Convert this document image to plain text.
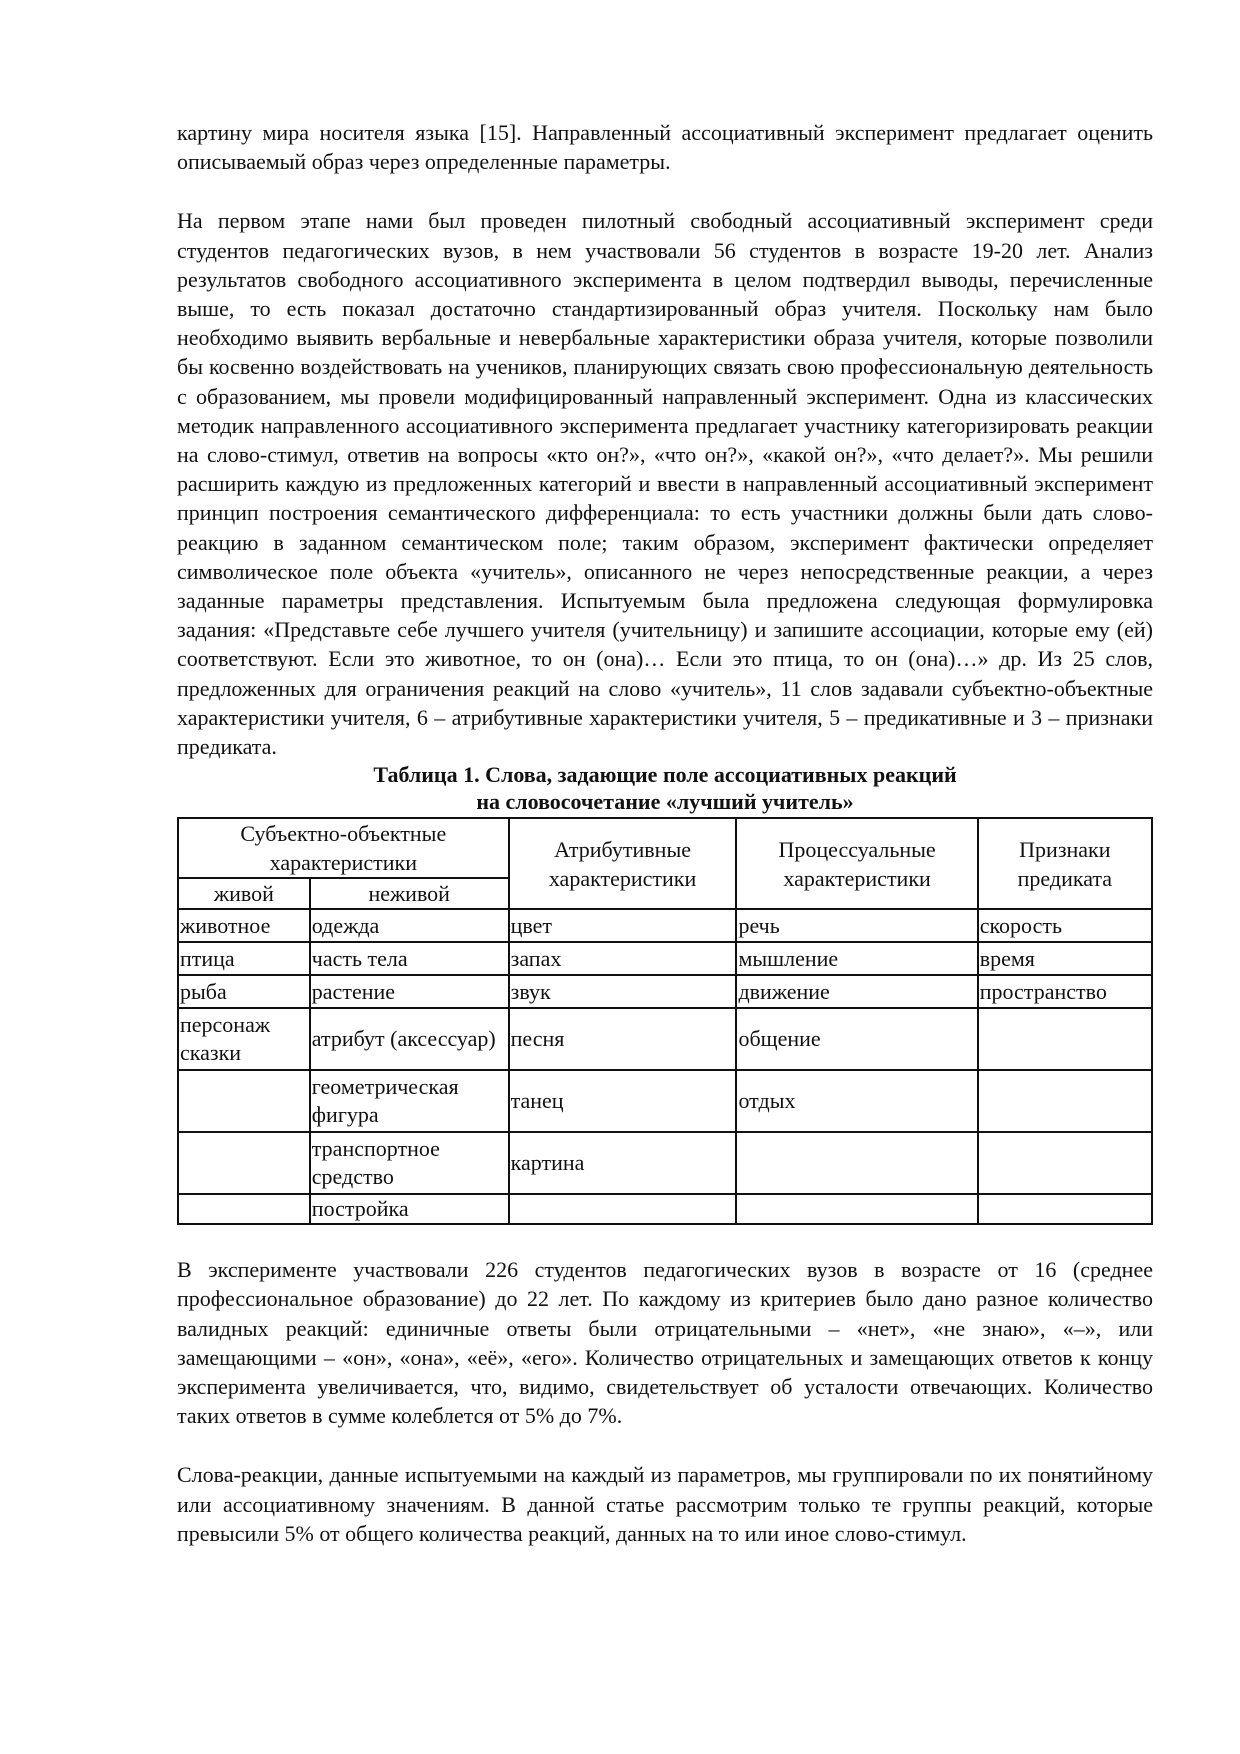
картину мира носителя языка [15]. Направленный ассоциативный эксперимент предлагает оценить описываемый образ через определенные параметры.

На первом этапе нами был проведен пилотный свободный ассоциативный эксперимент среди студентов педагогических вузов, в нем участвовали 56 студентов в возрасте 19-20 лет. Анализ результатов свободного ассоциативного эксперимента в целом подтвердил выводы, перечисленные выше, то есть показал достаточно стандартизированный образ учителя. Поскольку нам было необходимо выявить вербальные и невербальные характеристики образа учителя, которые позволили бы косвенно воздействовать на учеников, планирующих связать свою профессиональную деятельность с образованием, мы провели модифицированный направленный эксперимент. Одна из классических методик направленного ассоциативного эксперимента предлагает участнику категоризировать реакции на слово-стимул, ответив на вопросы «кто он?», «что он?», «какой он?», «что делает?». Мы решили расширить каждую из предложенных категорий и ввести в направленный ассоциативный эксперимент принцип построения семантического дифференциала: то есть участники должны были дать слово-реакцию в заданном семантическом поле; таким образом, эксперимент фактически определяет символическое поле объекта «учитель», описанного не через непосредственные реакции, а через заданные параметры представления. Испытуемым была предложена следующая формулировка задания: «Представьте себе лучшего учителя (учительницу) и запишите ассоциации, которые ему (ей) соответствуют. Если это животное, то он (она)… Если это птица, то он (она)…» др. Из 25 слов, предложенных для ограничения реакций на слово «учитель», 11 слов задавали субъектно-объектные характеристики учителя, 6 – атрибутивные характеристики учителя, 5 – предикативные и 3 – признаки предиката.

Таблица 1. Слова, задающие поле ассоциативных реакций

на словосочетание «лучший учитель»

Субъектно-объектные характеристики		Атрибутивные характеристики	Процессуальные характеристики	Признаки предиката
живой	неживой			
животное	одежда	цвет	речь	скорость
птица	часть тела	запах	мышление	время
рыба	растение	звук	движение	пространство
персонаж сказки	атрибут (аксессуар)	песня	общение	
	геометрическая фигура	танец	отдых	
	транспортное средство	картина		
	постройка			

В эксперименте участвовали 226 студентов педагогических вузов в возрасте от 16 (среднее профессиональное образование) до 22 лет. По каждому из критериев было дано разное количество валидных реакций: единичные ответы были отрицательными – «нет», «не знаю», «–», или замещающими – «он», «она», «её», «его». Количество отрицательных и замещающих ответов к концу эксперимента увеличивается, что, видимо, свидетельствует об усталости отвечающих. Количество таких ответов в сумме колеблется от 5% до 7%.

Слова-реакции, данные испытуемыми на каждый из параметров, мы группировали по их понятийному или ассоциативному значениям. В данной статье рассмотрим только те группы реакций, которые превысили 5% от общего количества реакций, данных на то или иное слово-стимул.
